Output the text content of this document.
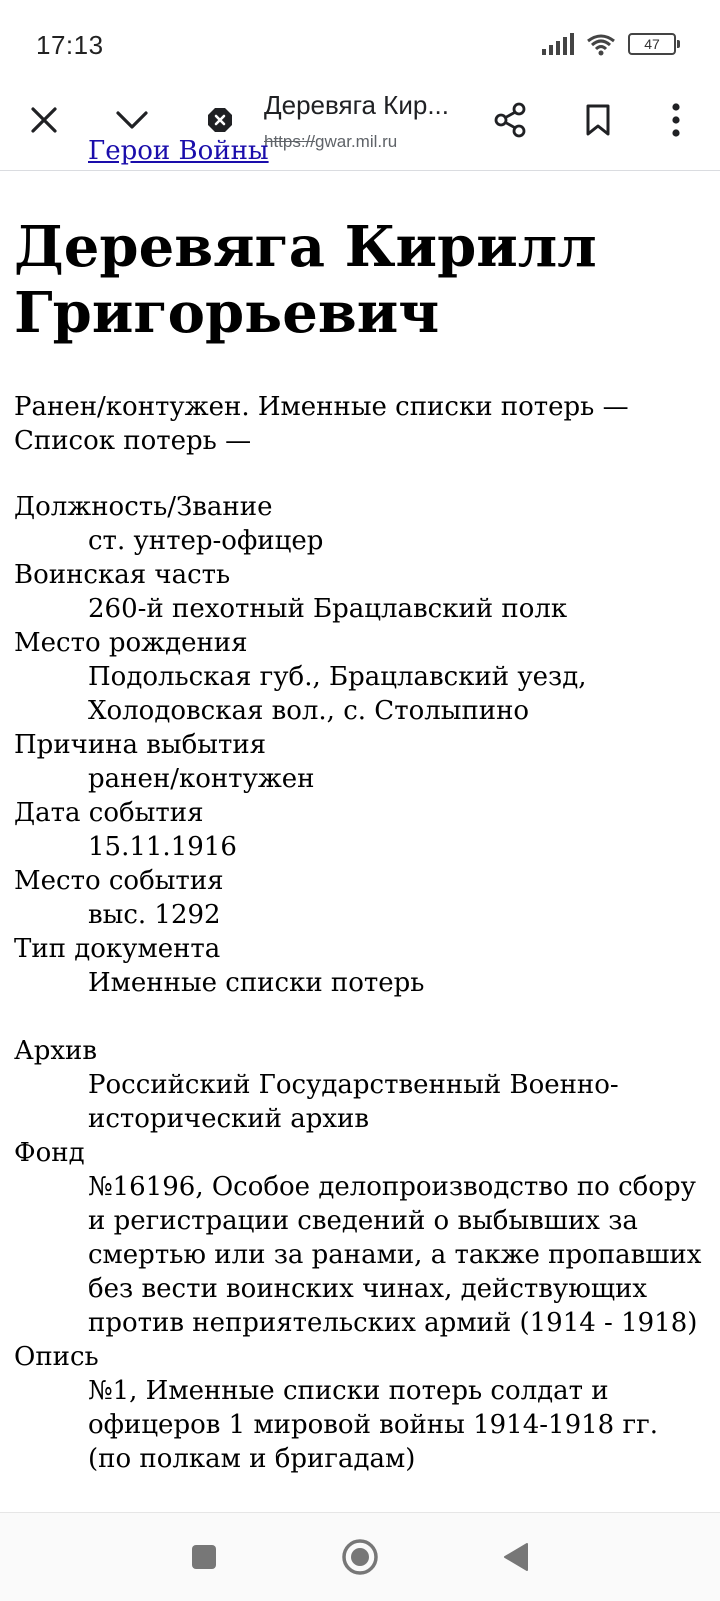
17:13	47
Деревяга Кир...
https://gwar.mil.ru
Герои Войны
Деревяга Кирилл Григорьевич
Ранен/контужен. Именные списки потерь — Список потерь —
Должность/Звание
ст. унтер-офицер
Воинская часть
260-й пехотный Брацлавский полк
Место рождения
Подольская губ., Брацлавский уезд, Холодовская вол., с. Столыпино
Причина выбытия
ранен/контужен
Дата события
15.11.1916
Место события
выс. 1292
Тип документа
Именные списки потерь
Архив
Российский Государственный Военно-исторический архив
Фонд
№16196, Особое делопроизводство по сбору и регистрации сведений о выбывших за смертью или за ранами, а также пропавших без вести воинских чинах, действующих против неприятельских армий (1914 - 1918)
Опись
№1, Именные списки потерь солдат и офицеров 1 мировой войны 1914-1918 гг. (по полкам и бригадам)
